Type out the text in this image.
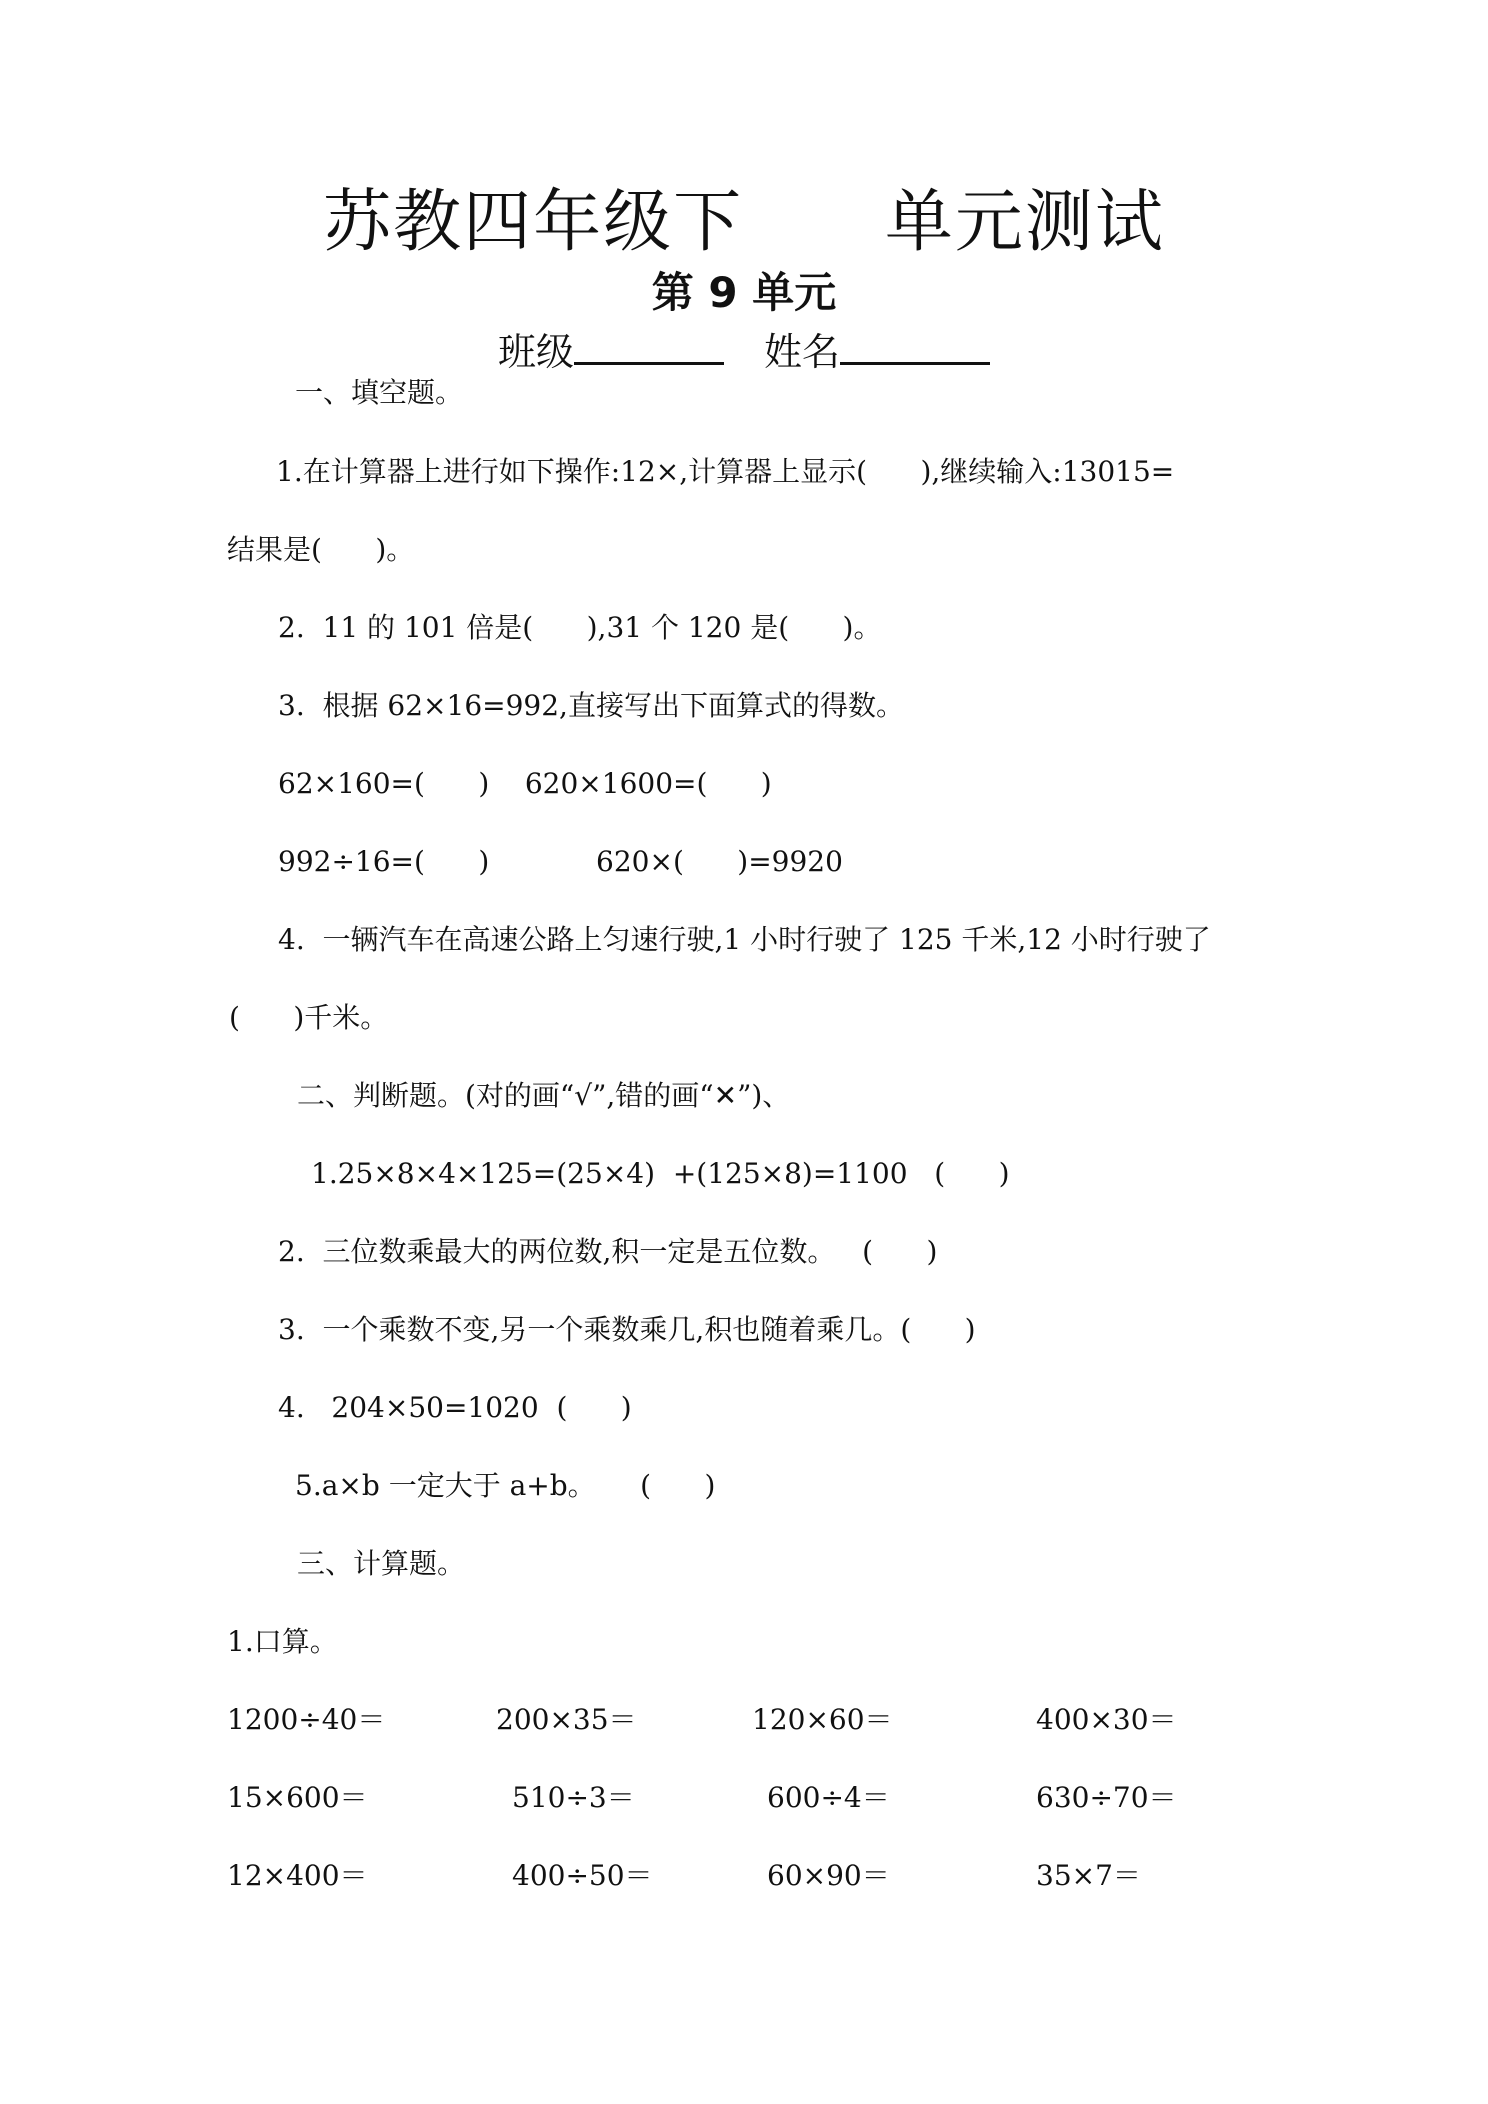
苏教四年级下      单元测试
第 9 单元
班级	姓名
一、填空题。
1.在计算器上进行如下操作:12×,计算器上显示(      ),继续输入:13015=
结果是(      )。
2.  11 的 101 倍是(      ),31 个 120 是(      )。
3.  根据 62×16=992,直接写出下面算式的得数。
62×160=(      )    620×1600=(      )
992÷16=(      )            620×(      )=9920
4.  一辆汽车在高速公路上匀速行驶,1 小时行驶了 125 千米,12 小时行驶了
(      )千米。
二、判断题。(对的画“√”,错的画“✕”)、
1.25×8×4×125=(25×4)  +(125×8)=1100   (      )
2.  三位数乘最大的两位数,积一定是五位数。   (      )
3.  一个乘数不变,另一个乘数乘几,积也随着乘几。(      )
4.   204×50=1020  (      )
5.a×b 一定大于 a+b。     (      )
三、计算题。
1.口算。
1200÷40＝	200×35＝	120×60＝	400×30＝
15×600＝	510÷3＝	600÷4＝	630÷70＝
12×400＝	400÷50＝	60×90＝	35×7＝
